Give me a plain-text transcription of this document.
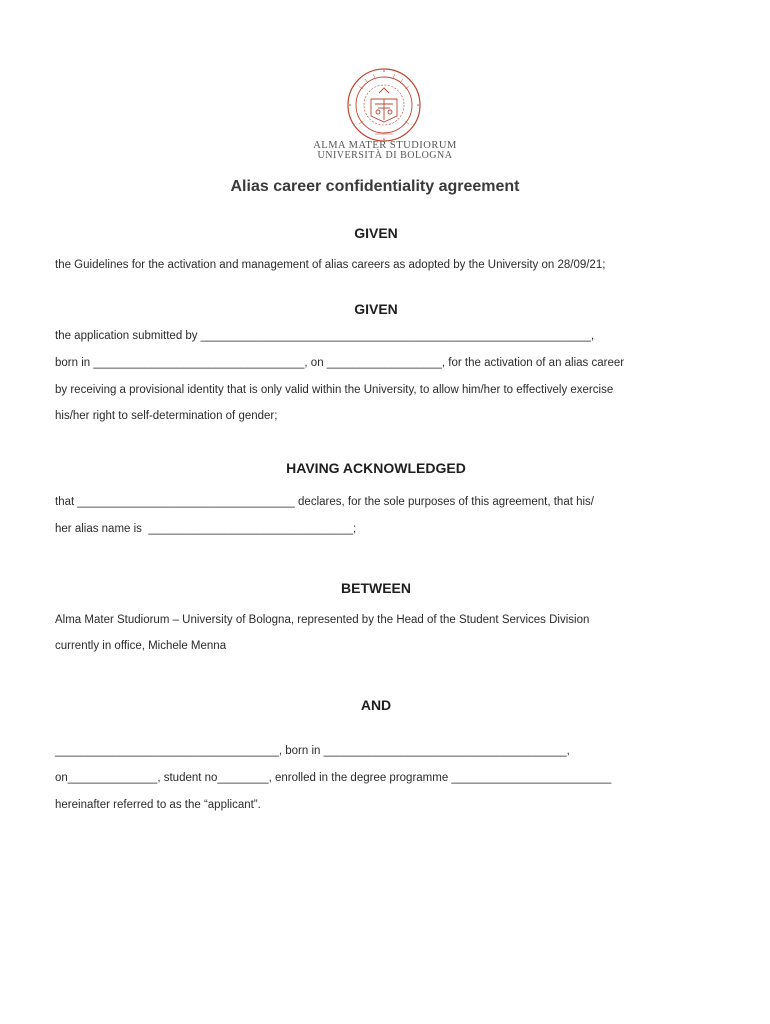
ALMA MATER STUDIORUM
UNIVERSITÀ DI BOLOGNA
Alias career confidentiality agreement
GIVEN
the Guidelines for the activation and management of alias careers as adopted by the University on 28/09/21;
GIVEN
the application submitted by _____________________________________________________________,
born in _________________________________, on __________________, for the activation of an alias career
by receiving a provisional identity that is only valid within the University, to allow him/her to effectively exercise
his/her right to self-determination of gender;
HAVING ACKNOWLEDGED
that __________________________________ declares, for the sole purposes of this agreement, that his/
her alias name is  ________________________________;
BETWEEN
Alma Mater Studiorum – University of Bologna, represented by the Head of the Student Services Division
currently in office, Michele Menna
AND
___________________________________, born in ______________________________________,
on______________, student no________, enrolled in the degree programme _________________________
hereinafter referred to as the “applicant”.
